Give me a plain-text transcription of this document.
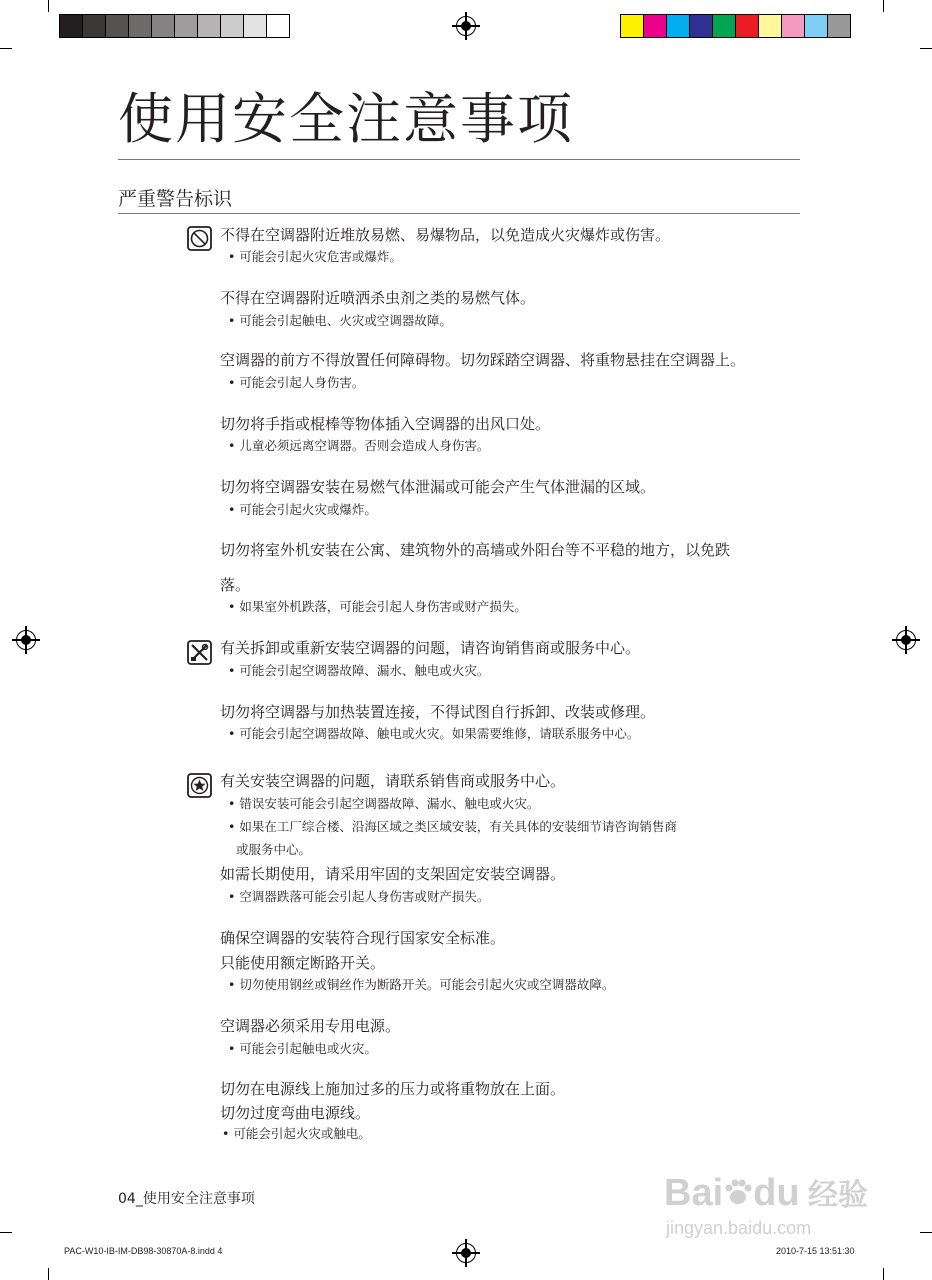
使用安全注意事项
严重警告标识
不得在空调器附近堆放易燃、易爆物品，以免造成火灾爆炸或伤害。
• 可能会引起火灾危害或爆炸。
不得在空调器附近喷洒杀虫剂之类的易燃气体。
• 可能会引起触电、火灾或空调器故障。
空调器的前方不得放置任何障碍物。切勿踩踏空调器、将重物悬挂在空调器上。
• 可能会引起人身伤害。
切勿将手指或棍棒等物体插入空调器的出风口处。
• 儿童必须远离空调器。否则会造成人身伤害。
切勿将空调器安装在易燃气体泄漏或可能会产生气体泄漏的区域。
• 可能会引起火灾或爆炸。
切勿将室外机安装在公寓、建筑物外的高墙或外阳台等不平稳的地方，以免跌
落。
• 如果室外机跌落，可能会引起人身伤害或财产损失。
有关拆卸或重新安装空调器的问题，请咨询销售商或服务中心。
• 可能会引起空调器故障、漏水、触电或火灾。
切勿将空调器与加热装置连接，不得试图自行拆卸、改装或修理。
• 可能会引起空调器故障、触电或火灾。如果需要维修，请联系服务中心。
有关安装空调器的问题，请联系销售商或服务中心。
• 错误安装可能会引起空调器故障、漏水、触电或火灾。
• 如果在工厂综合楼、沿海区域之类区域安装，有关具体的安装细节请咨询销售商
或服务中心。
如需长期使用，请采用牢固的支架固定安装空调器。
• 空调器跌落可能会引起人身伤害或财产损失。
确保空调器的安装符合现行国家安全标准。
只能使用额定断路开关。
• 切勿使用钢丝或铜丝作为断路开关。可能会引起火灾或空调器故障。
空调器必须采用专用电源。
• 可能会引起触电或火灾。
切勿在电源线上施加过多的压力或将重物放在上面。
切勿过度弯曲电源线。
• 可能会引起火灾或触电。
04_使用安全注意事项
PAC-W10-IB-IM-DB98-30870A-8.indd 4	2010-7-15 13:51:30
Bai du 经验
jingyan.baidu.com
